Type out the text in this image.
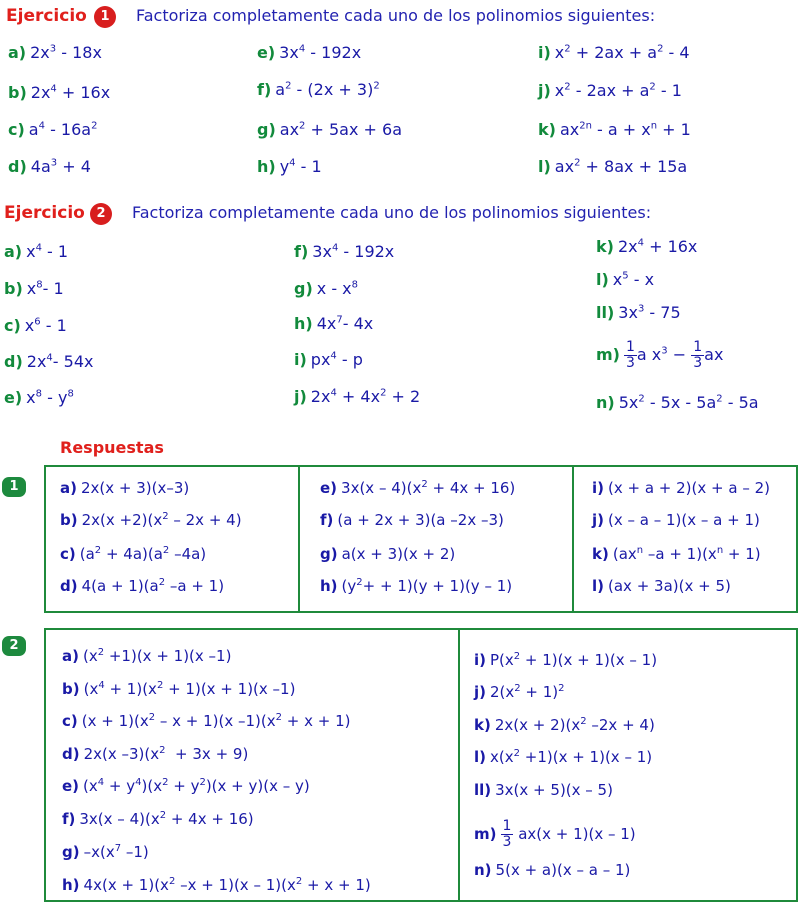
Ejercicio	1	Factoriza completamente cada uno de los polinomios siguientes:
a) $2x^3 - 18x$
b) $2x^4 + 16x$
c) $a^4 - 16a^2$
d) $4a^3 + 4$
e) $3x^4 - 192x$
f) $a^2 - (2x + 3)^2$
g) $ax^2 + 5ax + 6a$
h) $y^4 - 1$
i) $x^2 + 2ax + a^2 - 4$
j) $x^2 - 2ax + a^2 - 1$
k) $ax^{2n} - a + x^n + 1$
l) $ax^2 + 8ax + 15a$
Ejercicio 2	Factoriza completamente cada uno de los polinomios siguientes:
a) $x^4 - 1$
b) $x^8-$ 1
c) $x^6 - 1$
d) $2x^4-$ 54x
e) $x^8 - y^8$
f) $3x^4 - 192x$
g) x - $x^8$
h) $4x^7-$ 4x
i) $px^4$ - p
j) $2x^4 + 4x^2 + 2$
k) $2x^4 + 16x$
l) $x^5$ - x
ll) $3x^3 - 75$
$m) \frac{1}{3}$ a $x^3 - \frac{1}{3}$ ax
n) $5x^2 - 5x - 5a^2 - 5a$
Respuestas
1	a) 2x(x + 3)(x–3)
b) $2x(x +2)(x^2 - 2x + 4)$
c) $(a^2 + 4a)(a^2$ –4a)
d) $4(a + 1)(a^2$ –a + 1)
e) $3x(x - 4)(x^2 + 4x + 16)$
f) (a + 2x + 3)(a –2x –3)
g) a(x + 3)(x + 2)
h) $(y^2+ + 1)(y + 1)(y - 1)$
i) (x + a + 2)(x + a – 2)
j) (x – a – 1)(x – a + 1)
k) ($ax^n$ $-a + 1)(x^n + 1)$
l) (ax + 3a)(x + 5)
2
a) $(x^2 +1)(x + 1)(x$ –1)
b) $(x^4 + 1)(x^2 + 1)(x + 1)(x$ –1)
c) $(x + 1)(x^2 - x + 1)(x$ $-1)(x^2 + x + 1)$
d) 2x(x $-3)(x^2 + 3x + 9)$
e) $(x^4 + y^4)(x^2 + y^2)(x + y)(x - y)$
f) $3x(x - 4)(x^2 + 4x + 16)$
g) $-x(x^7$ –1)
h) $4x(x + 1)(x^2$ $-x + 1)(x - 1)(x^2 + x + 1)$
i) $P(x^2 + 1)(x + 1)(x - 1)$
j) $2(x^2 + 1)^2$
k) $2x(x + 2)(x^2$ –2x + 4)
l) $x(x^2 +1)(x + 1)(x - 1)$
ll) 3x(x + 5)(x – 5)
$m) \frac{1}{3} ax(x + 1)(x - 1)$
n) 5(x + a)(x – a – 1)
